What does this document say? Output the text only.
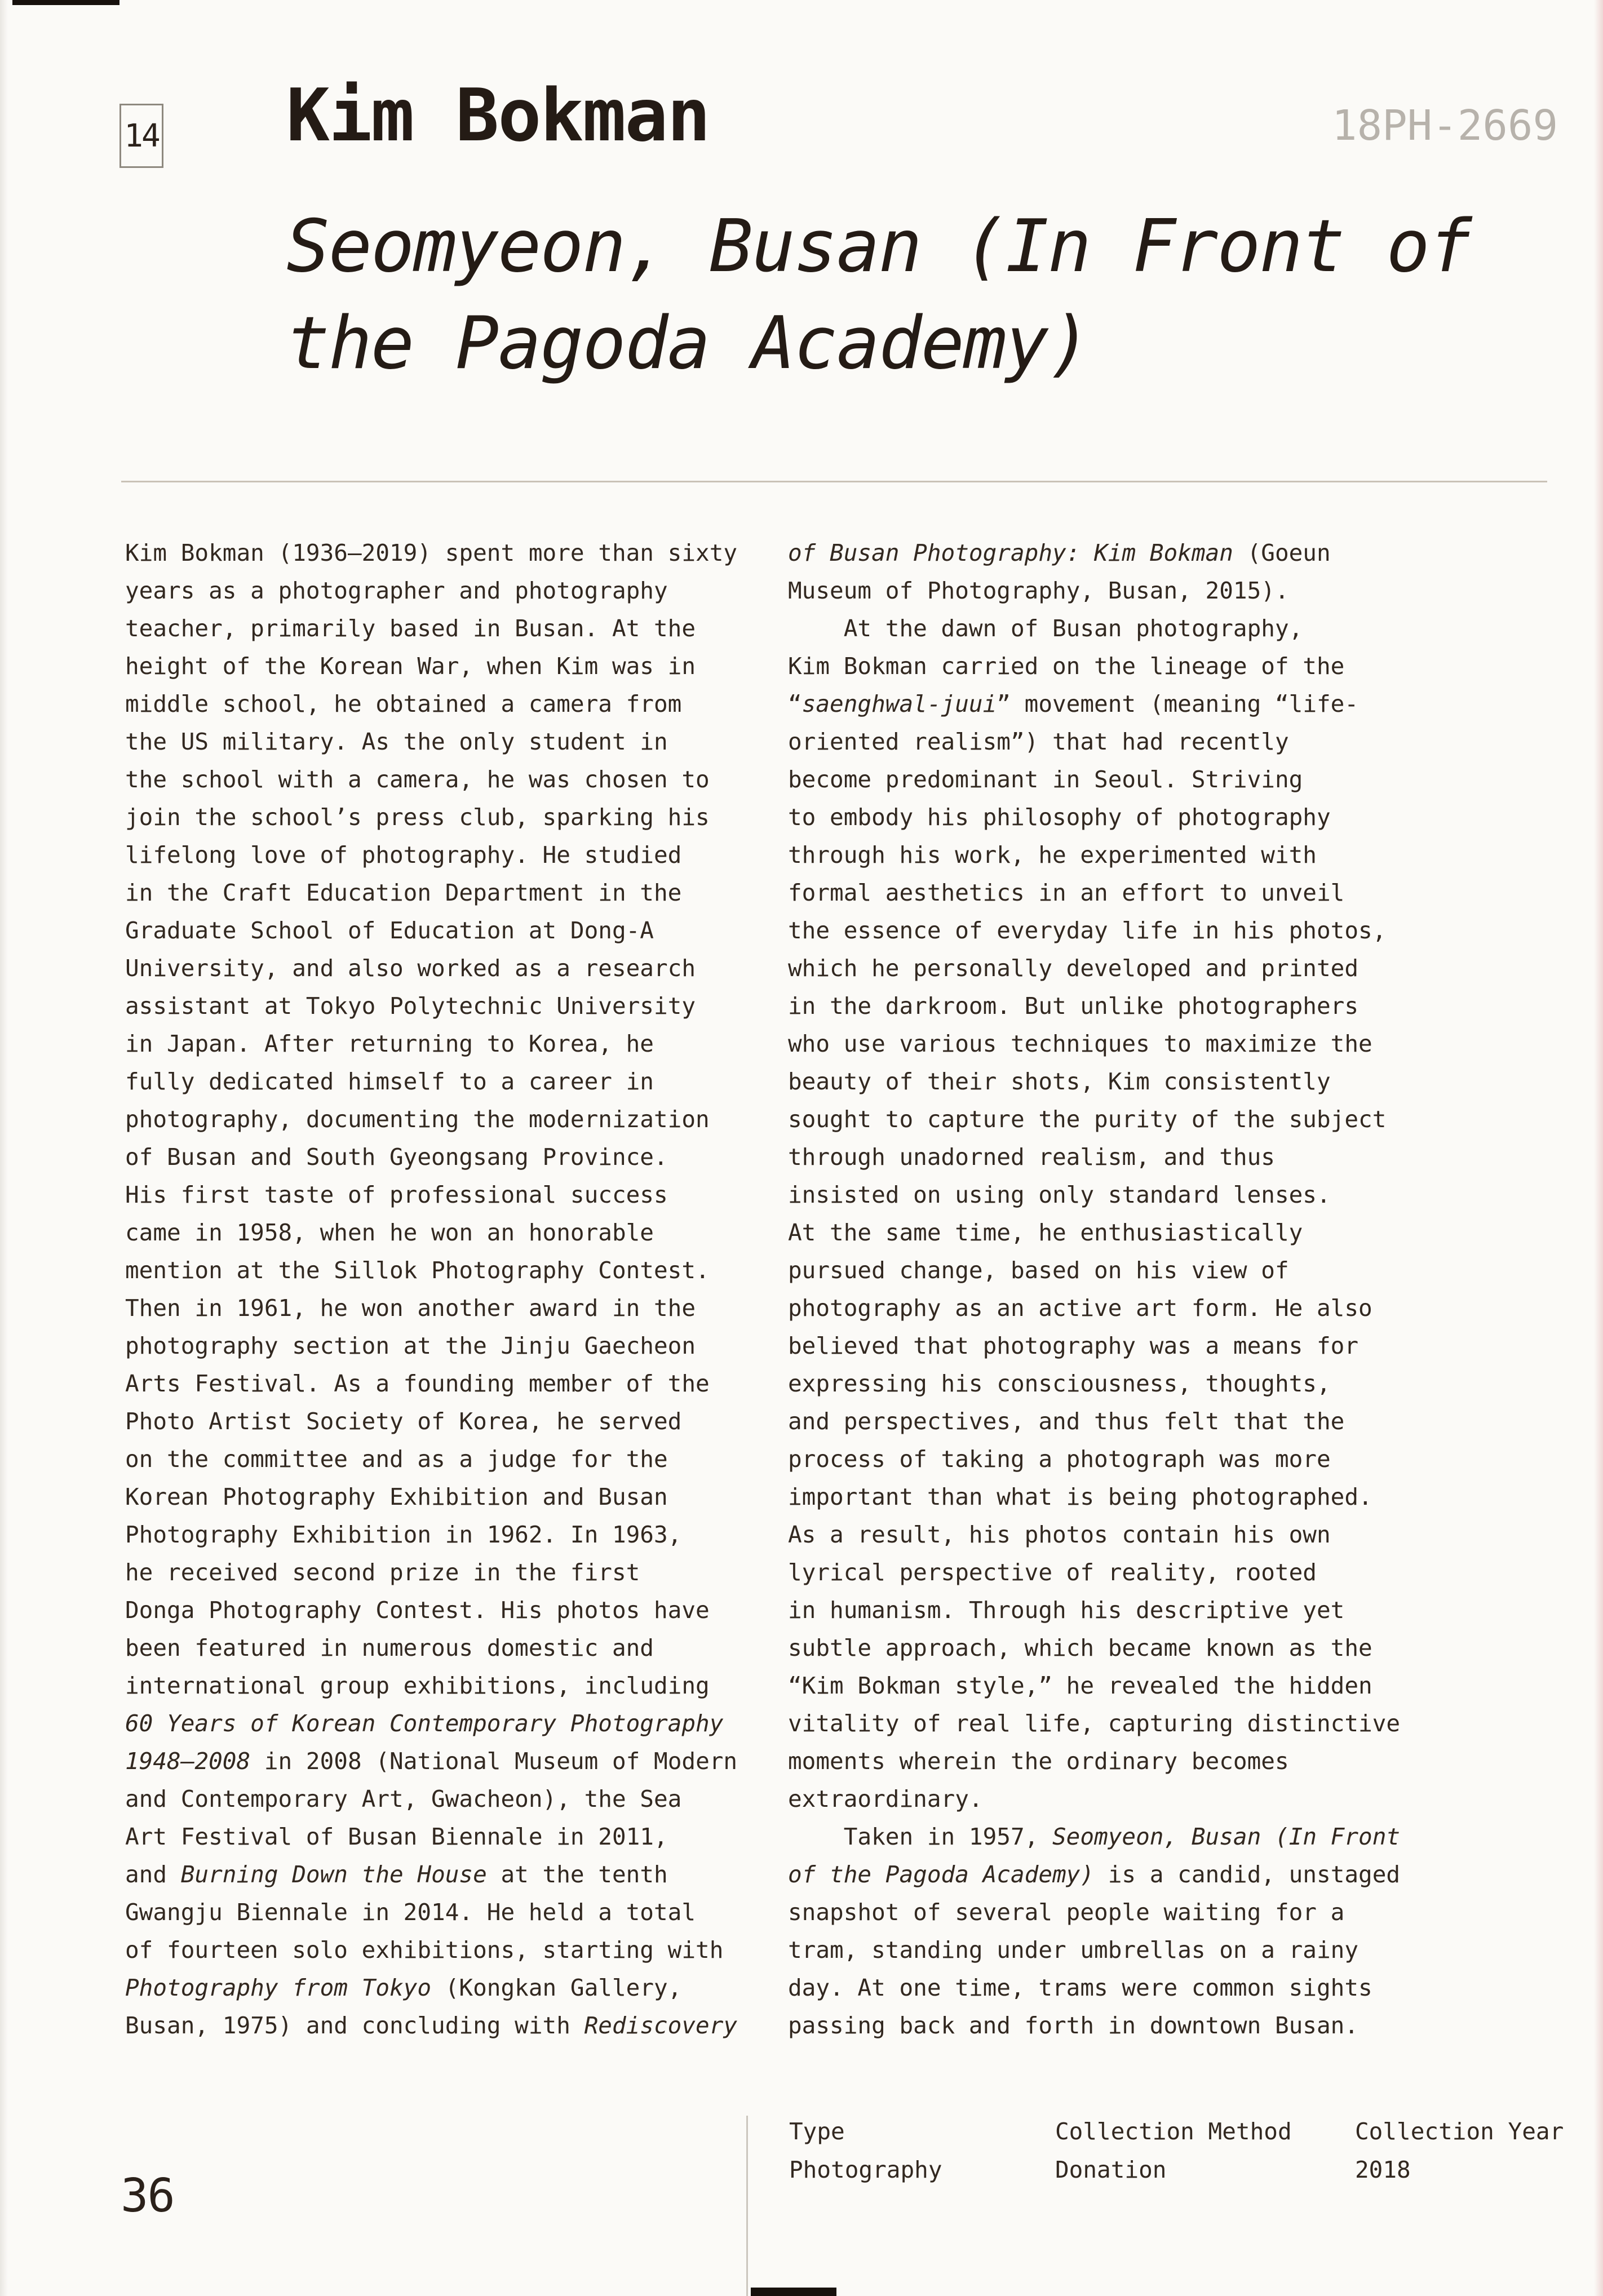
14 Kim Bokman	18PH-2669
Seomyeon, Busan (In Front of
the Pagoda Academy)
Kim Bokman (1936–2019) spent more than sixty
years as a photographer and photography
teacher, primarily based in Busan. At the
height of the Korean War, when Kim was in
middle school, he obtained a camera from
the US military. As the only student in
the school with a camera, he was chosen to
join the school’s press club, sparking his
lifelong love of photography. He studied
in the Craft Education Department in the
Graduate School of Education at Dong-A
University, and also worked as a research
assistant at Tokyo Polytechnic University
in Japan. After returning to Korea, he
fully dedicated himself to a career in
photography, documenting the modernization
of Busan and South Gyeongsang Province.
His first taste of professional success
came in 1958, when he won an honorable
mention at the Sillok Photography Contest.
Then in 1961, he won another award in the
photography section at the Jinju Gaecheon
Arts Festival. As a founding member of the
Photo Artist Society of Korea, he served
on the committee and as a judge for the
Korean Photography Exhibition and Busan
Photography Exhibition in 1962. In 1963,
he received second prize in the first
Donga Photography Contest. His photos have
been featured in numerous domestic and
international group exhibitions, including
60 Years of Korean Contemporary Photography
1948–2008 in 2008 (National Museum of Modern
and Contemporary Art, Gwacheon), the Sea
Art Festival of Busan Biennale in 2011,
and Burning Down the House at the tenth
Gwangju Biennale in 2014. He held a total
of fourteen solo exhibitions, starting with
Photography from Tokyo (Kongkan Gallery,
Busan, 1975) and concluding with Rediscovery
of Busan Photography: Kim Bokman (Goeun
Museum of Photography, Busan, 2015).
At the dawn of Busan photography,
Kim Bokman carried on the lineage of the
“saenghwal-juui” movement (meaning “life-
oriented realism”) that had recently
become predominant in Seoul. Striving
to embody his philosophy of photography
through his work, he experimented with
formal aesthetics in an effort to unveil
the essence of everyday life in his photos,
which he personally developed and printed
in the darkroom. But unlike photographers
who use various techniques to maximize the
beauty of their shots, Kim consistently
sought to capture the purity of the subject
through unadorned realism, and thus
insisted on using only standard lenses.
At the same time, he enthusiastically
pursued change, based on his view of
photography as an active art form. He also
believed that photography was a means for
expressing his consciousness, thoughts,
and perspectives, and thus felt that the
process of taking a photograph was more
important than what is being photographed.
As a result, his photos contain his own
lyrical perspective of reality, rooted
in humanism. Through his descriptive yet
subtle approach, which became known as the
“Kim Bokman style,” he revealed the hidden
vitality of real life, capturing distinctive
moments wherein the ordinary becomes
extraordinary.
Taken in 1957, Seomyeon, Busan (In Front
of the Pagoda Academy) is a candid, unstaged
snapshot of several people waiting for a
tram, standing under umbrellas on a rainy
day. At one time, trams were common sights
passing back and forth in downtown Busan.
Type
Photography
Collection Method
Donation
Collection Year
2018
36
